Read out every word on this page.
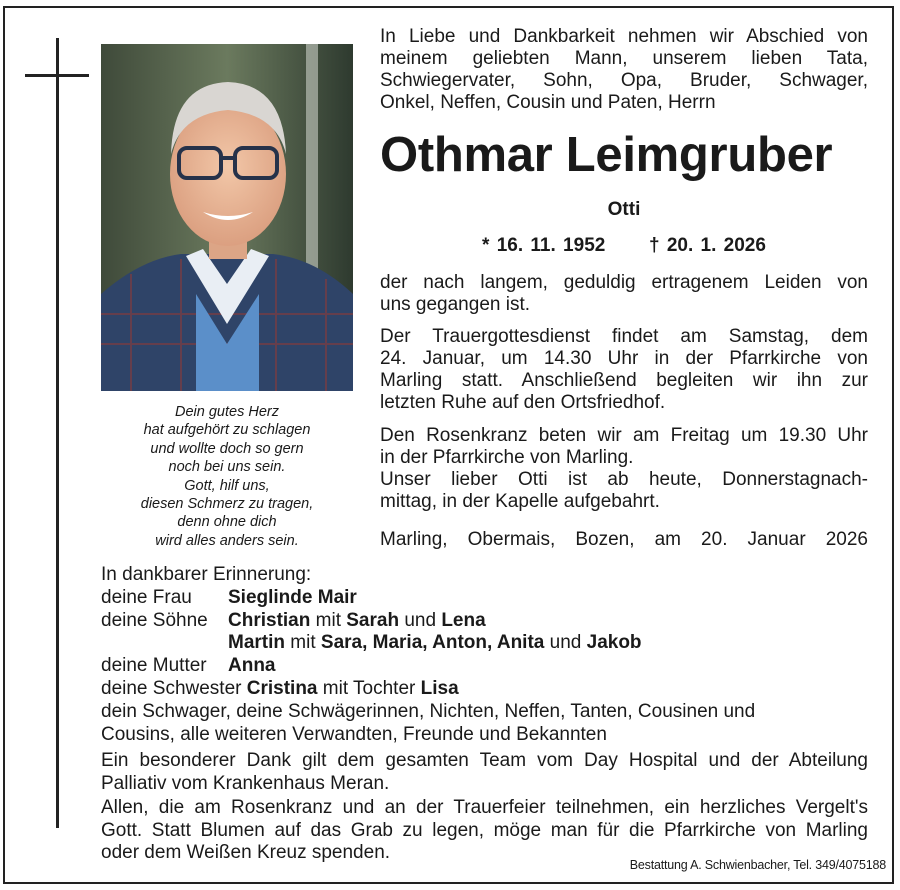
Dein gutes Herz
hat aufgehört zu schlagen
und wollte doch so gern
noch bei uns sein.
Gott, hilf uns,
diesen Schmerz zu tragen,
denn ohne dich
wird alles anders sein.
In Liebe und Dankbarkeit nehmen wir Abschied von
meinem geliebten Mann, unserem lieben Tata,
Schwiegervater, Sohn, Opa, Bruder, Schwager,
Onkel, Neffen, Cousin und Paten, Herrn
Othmar Leimgruber
Otti
* 16. 11. 1952 † 20. 1. 2026
der nach langem, geduldig ertragenem Leiden von
uns gegangen ist.
Der Trauergottesdienst findet am Samstag, dem
24. Januar, um 14.30 Uhr in der Pfarrkirche von
Marling statt. Anschließend begleiten wir ihn zur
letzten Ruhe auf den Ortsfriedhof.
Den Rosenkranz beten wir am Freitag um 19.30 Uhr
in der Pfarrkirche von Marling.
Unser lieber Otti ist ab heute, Donnerstagnach-
mittag, in der Kapelle aufgebahrt.
Marling, Obermais, Bozen, am 20. Januar 2026
In dankbarer Erinnerung:
deine Frau Sieglinde Mair
deine Söhne Christian mit Sarah und Lena
Martin mit Sara, Maria, Anton, Anita und Jakob
deine Mutter Anna
deine Schwester Cristina mit Tochter Lisa
dein Schwager, deine Schwägerinnen, Nichten, Neffen, Tanten, Cousinen und
Cousins, alle weiteren Verwandten, Freunde und Bekannten
Ein besonderer Dank gilt dem gesamten Team vom Day Hospital und der Abteilung
Palliativ vom Krankenhaus Meran.
Allen, die am Rosenkranz und an der Trauerfeier teilnehmen, ein herzliches Vergelt's
Gott. Statt Blumen auf das Grab zu legen, möge man für die Pfarrkirche von Marling
oder dem Weißen Kreuz spenden.
Bestattung A. Schwienbacher, Tel. 349/4075188
